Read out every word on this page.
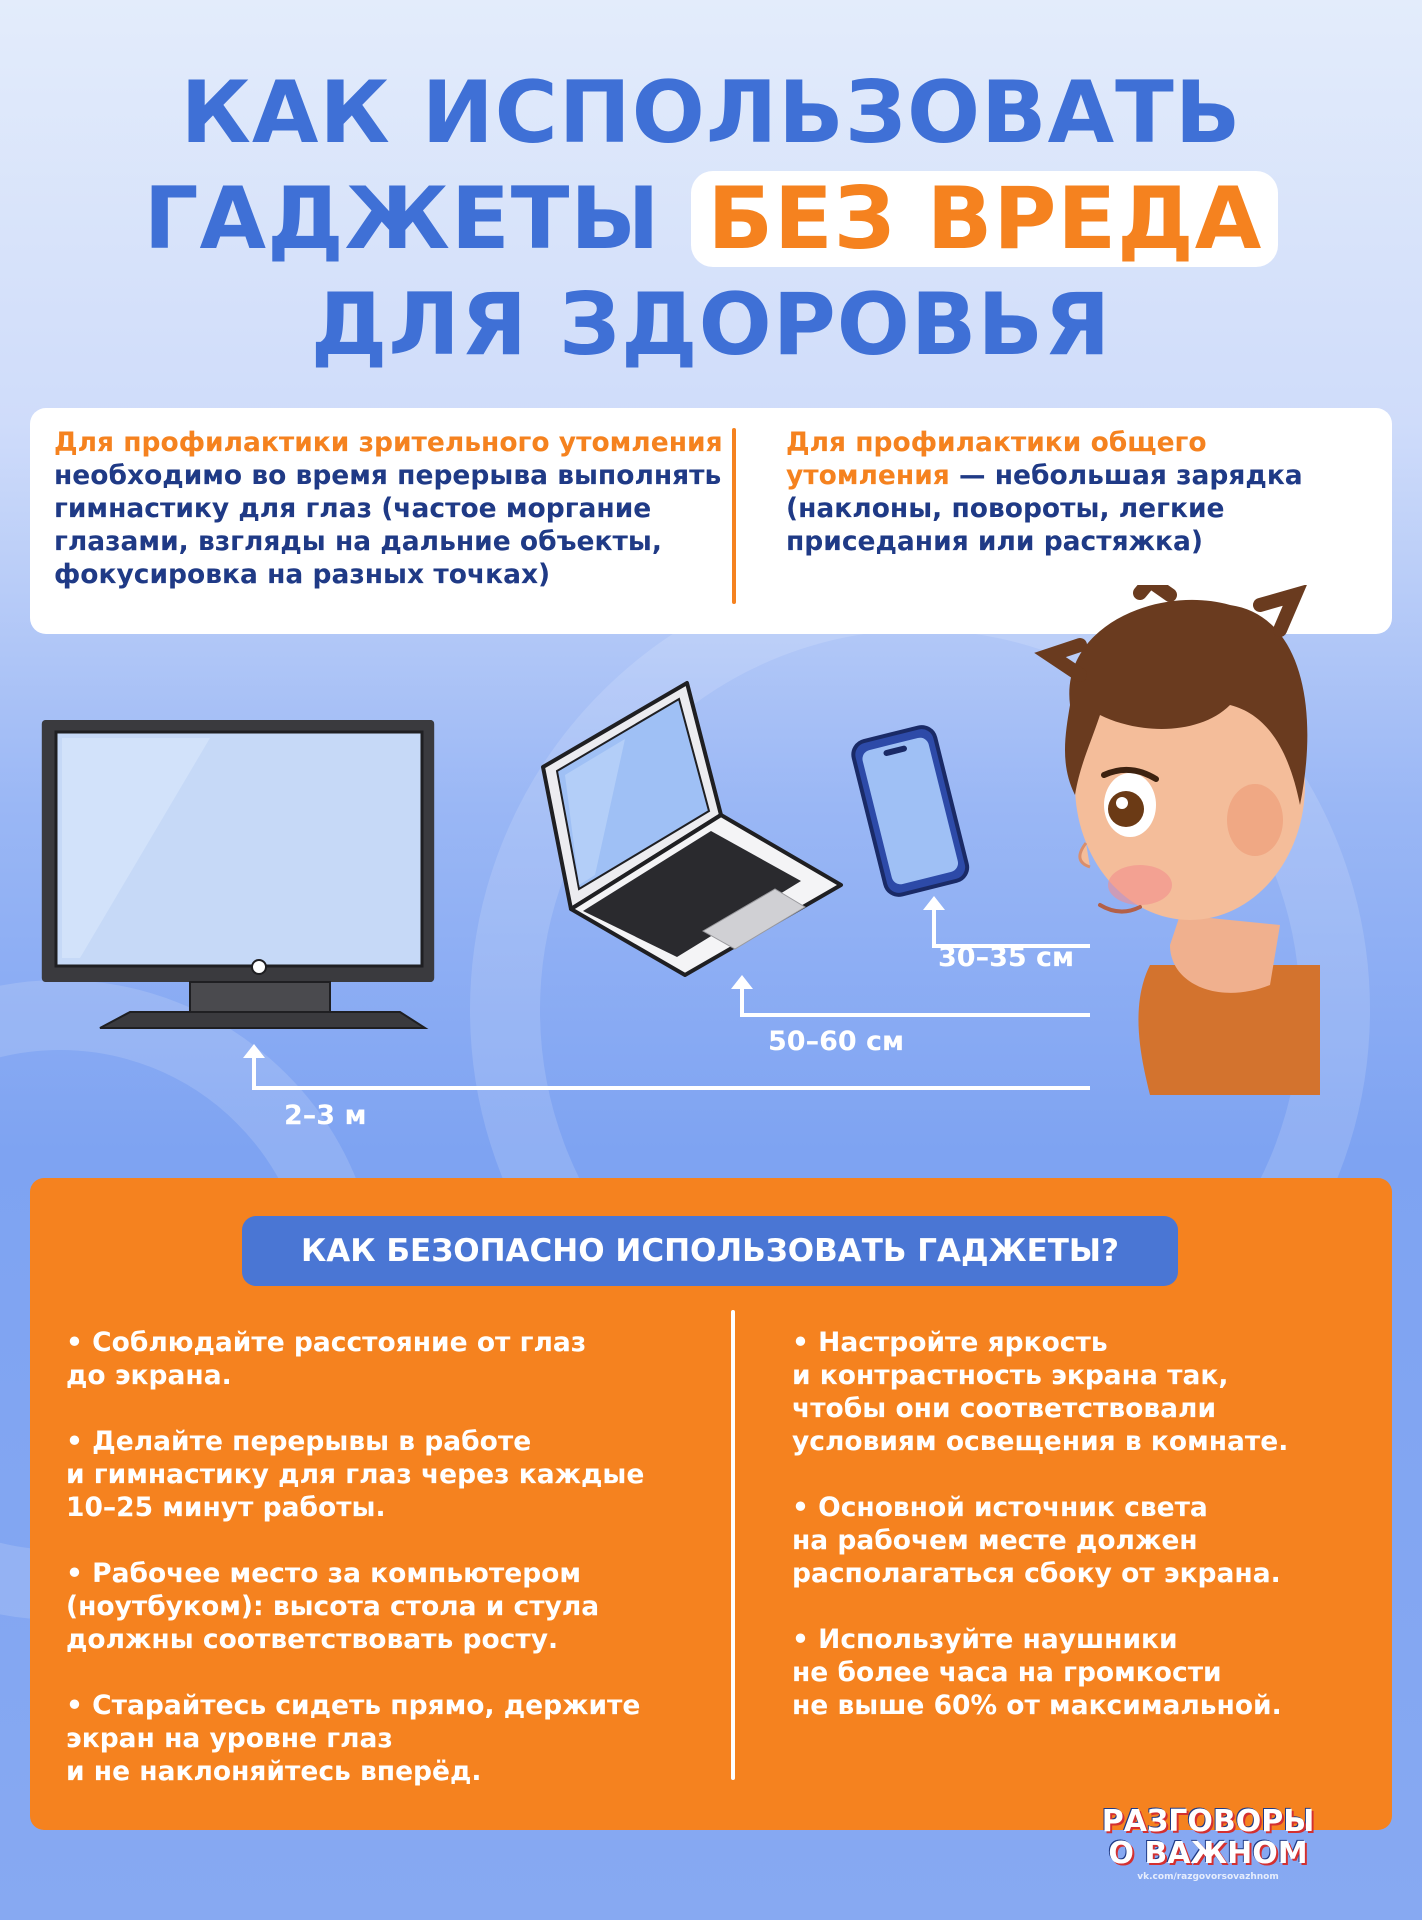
КАК ИСПОЛЬЗОВАТЬ
ГАДЖЕТЫ БЕЗ ВРЕДА
ДЛЯ ЗДОРОВЬЯ
Для профилактики зрительного утомления необходимо во время перерыва выполнять гимнастику для глаз (частое моргание глазами, взгляды на дальние объекты, фокусировка на разных точках)
Для профилактики общего утомления — небольшая зарядка (наклоны, повороты, легкие приседания или растяжка)
30–35 см
50–60 см
2–3 м
КАК БЕЗОПАСНО ИСПОЛЬЗОВАТЬ ГАДЖЕТЫ?
• Соблюдайте расстояние от глаз
до экрана.
• Делайте перерывы в работе
и гимнастику для глаз через каждые
10–25 минут работы.
• Рабочее место за компьютером
(ноутбуком): высота стола и стула
должны соответствовать росту.
• Старайтесь сидеть прямо, держите
экран на уровне глаз
и не наклоняйтесь вперёд.
• Настройте яркость
и контрастность экрана так,
чтобы они соответствовали
условиям освещения в комнате.
• Основной источник света
на рабочем месте должен
располагаться сбоку от экрана.
• Используйте наушники
не более часа на громкости
не выше 60% от максимальной.
РАЗГОВОРЫ
О ВАЖНОМ
vk.com/razgovorsovazhnom
